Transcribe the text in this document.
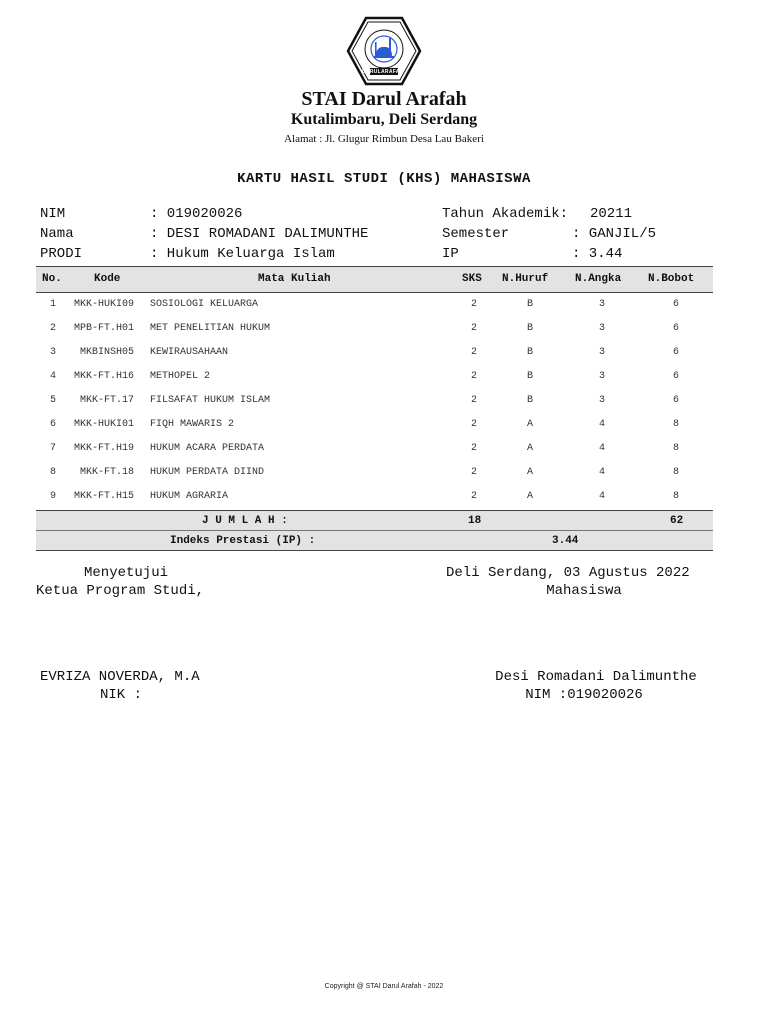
DARULARAFAH
STAI Darul Arafah
Kutalimbaru, Deli Serdang
Alamat : Jl. Glugur Rimbun Desa Lau Bakeri
KARTU HASIL STUDI (KHS) MAHASISWA
NIM	: 019020026
Nama	: DESI ROMADANI DALIMUNTHE
PRODI	: Hukum Keluarga Islam
Tahun Akademik: 20211
Semester	: GANJIL/5
IP	: 3.44
No.	Kode	Mata Kuliah	SKS N.Huruf N.Angka N.Bobot
1 MKK-HUKI09 SOSIOLOGI KELUARGA	2	B	3	6
2 MPB-FT.H01 MET PENELITIAN HUKUM	2	B	3	6
3 MKBINSH05 KEWIRAUSAHAAN	2	B	3	6
4 MKK-FT.H16 METHOPEL 2	2	B	3	6
5 MKK-FT.17 FILSAFAT HUKUM ISLAM	2	B	3	6
6 MKK-HUKI01 FIQH MAWARIS 2	2	A	4	8
7 MKK-FT.H19 HUKUM ACARA PERDATA	2	A	4	8
8 MKK-FT.18 HUKUM PERDATA DIIND	2	A	4	8
9 MKK-FT.H15 HUKUM AGRARIA	2	A	4	8
J U M L A H :	18	62
Indeks Prestasi (IP) :	3.44
Menyetujui
Ketua Program Studi,
EVRIZA NOVERDA, M.A
NIK :
Deli Serdang, 03 Agustus 2022
Mahasiswa
Desi Romadani Dalimunthe
NIM :019020026
Copyright @ STAI Darul Arafah - 2022
